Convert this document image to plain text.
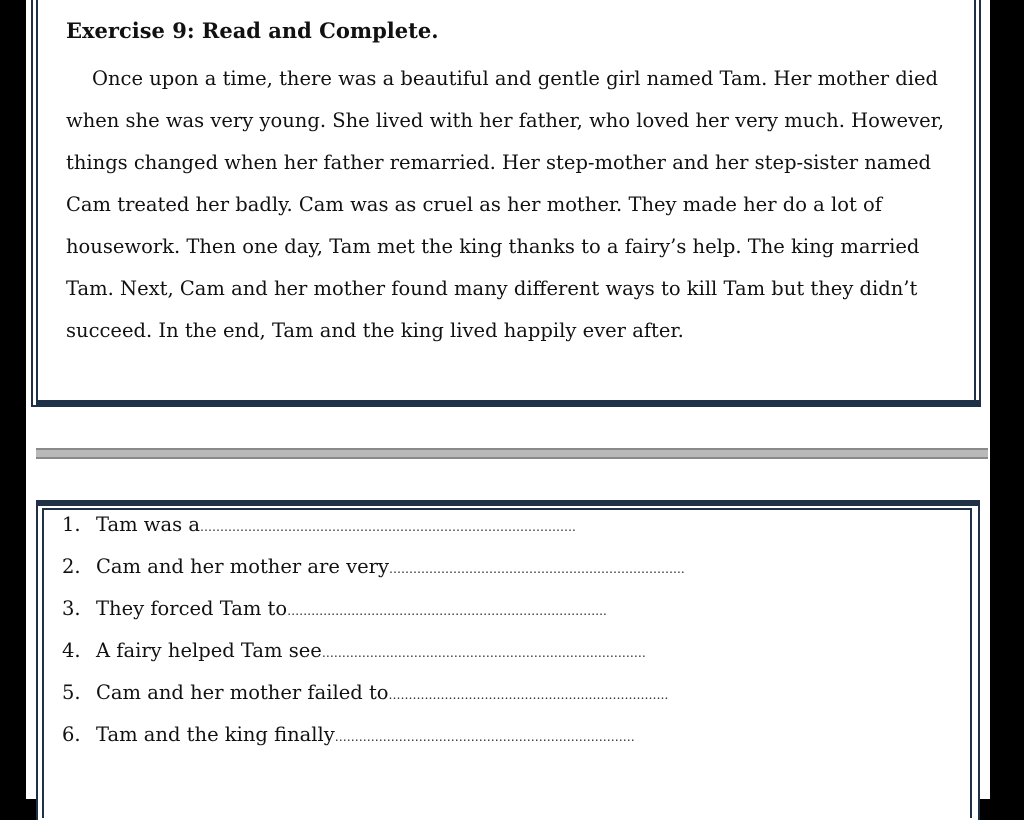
Exercise 9: Read and Complete.
Once upon a time, there was a beautiful and gentle girl named Tam. Her mother died
when she was very young. She lived with her father, who loved her very much. However,
things changed when her father remarried. Her step-mother and her step-sister named
Cam treated her badly. Cam was as cruel as her mother. They made her do a lot of
housework. Then one day, Tam met the king thanks to a fairy’s help. The king married
Tam. Next, Cam and her mother found many different ways to kill Tam but they didn’t
succeed. In the end, Tam and the king lived happily ever after.
1. Tam was a ………………………………………………………………………………….
2. Cam and her mother are very ………………………………………………………………..
3. They forced Tam to ……………………………………………………………………..
4. A fairy helped Tam see ………………………………………………………………………
5. Cam and her mother failed to …………………………………………………………….
6. Tam and the king finally …………………………………………………………………
